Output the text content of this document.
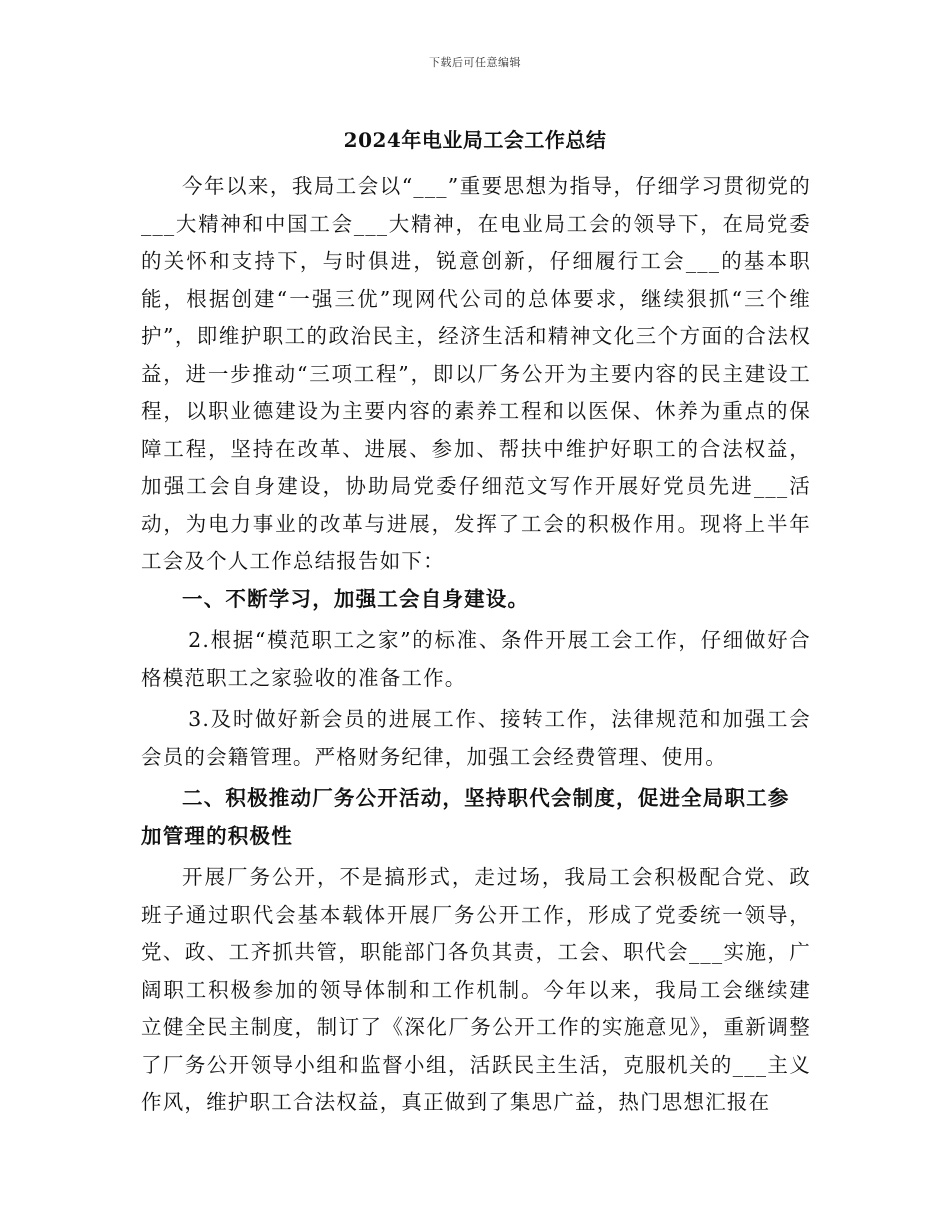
下载后可任意编辑
2024年电业局工会工作总结

今年以来，我局工会以“___”重要思想为指导，仔细学习贯彻党的___大精神和中国工会___大精神，在电业局工会的领导下，在局党委的关怀和支持下，与时俱进，锐意创新，仔细履行工会___的基本职能，根据创建“一强三优”现网代公司的总体要求，继续狠抓“三个维护”，即维护职工的政治民主，经济生活和精神文化三个方面的合法权益，进一步推动“三项工程”，即以厂务公开为主要内容的民主建设工程，以职业德建设为主要内容的素养工程和以医保、休养为重点的保障工程，坚持在改革、进展、参加、帮扶中维护好职工的合法权益，加强工会自身建设，协助局党委仔细范文写作开展好党员先进___活动，为电力事业的改革与进展，发挥了工会的积极作用。现将上半年工会及个人工作总结报告如下：

一、不断学习，加强工会自身建设。

2.根据“模范职工之家”的标准、条件开展工会工作，仔细做好合格模范职工之家验收的准备工作。

3.及时做好新会员的进展工作、接转工作，法律规范和加强工会会员的会籍管理。严格财务纪律，加强工会经费管理、使用。

二、积极推动厂务公开活动，坚持职代会制度，促进全局职工参加管理的积极性

开展厂务公开，不是搞形式，走过场，我局工会积极配合党、政班子通过职代会基本载体开展厂务公开工作，形成了党委统一领导，党、政、工齐抓共管，职能部门各负其责，工会、职代会___实施，广阔职工积极参加的领导体制和工作机制。今年以来，我局工会继续建立健全民主制度，制订了《深化厂务公开工作的实施意见》，重新调整了厂务公开领导小组和监督小组，活跃民主生活，克服机关的___主义作风，维护职工合法权益，真正做到了集思广益，热门思想汇报在
